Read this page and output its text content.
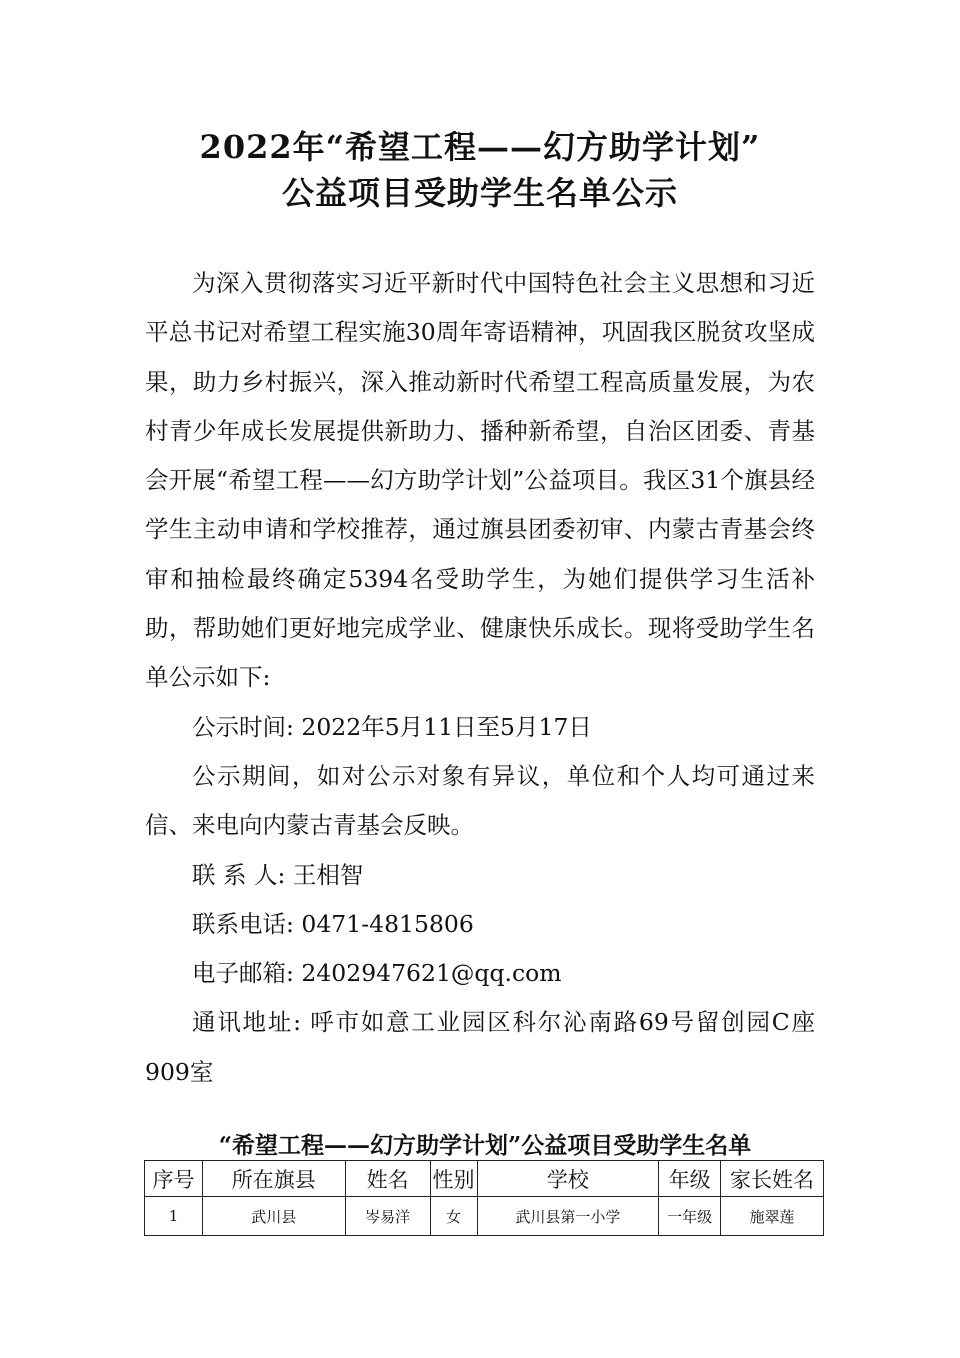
2022年“希望工程——幻方助学计划”
公益项目受助学生名单公示

为深入贯彻落实习近平新时代中国特色社会主义思想和习近平总书记对希望工程实施30周年寄语精神，巩固我区脱贫攻坚成果，助力乡村振兴，深入推动新时代希望工程高质量发展，为农村青少年成长发展提供新助力、播种新希望，自治区团委、青基会开展“希望工程——幻方助学计划”公益项目。我区31个旗县经学生主动申请和学校推荐，通过旗县团委初审、内蒙古青基会终审和抽检最终确定5394名受助学生，为她们提供学习生活补助，帮助她们更好地完成学业、健康快乐成长。现将受助学生名单公示如下:

公示时间: 2022年5月11日至5月17日

公示期间，如对公示对象有异议，单位和个人均可通过来信、来电向内蒙古青基会反映。

联 系 人: 王相智

联系电话: 0471-4815806

电子邮箱: 2402947621@qq.com

通讯地址: 呼市如意工业园区科尔沁南路69号留创园C座909室

“希望工程——幻方助学计划”公益项目受助学生名单
序号	所在旗县	姓名	性别	学校	年级	家长姓名
1	武川县	岑易洋	女	武川县第一小学	一年级	施翠莲
